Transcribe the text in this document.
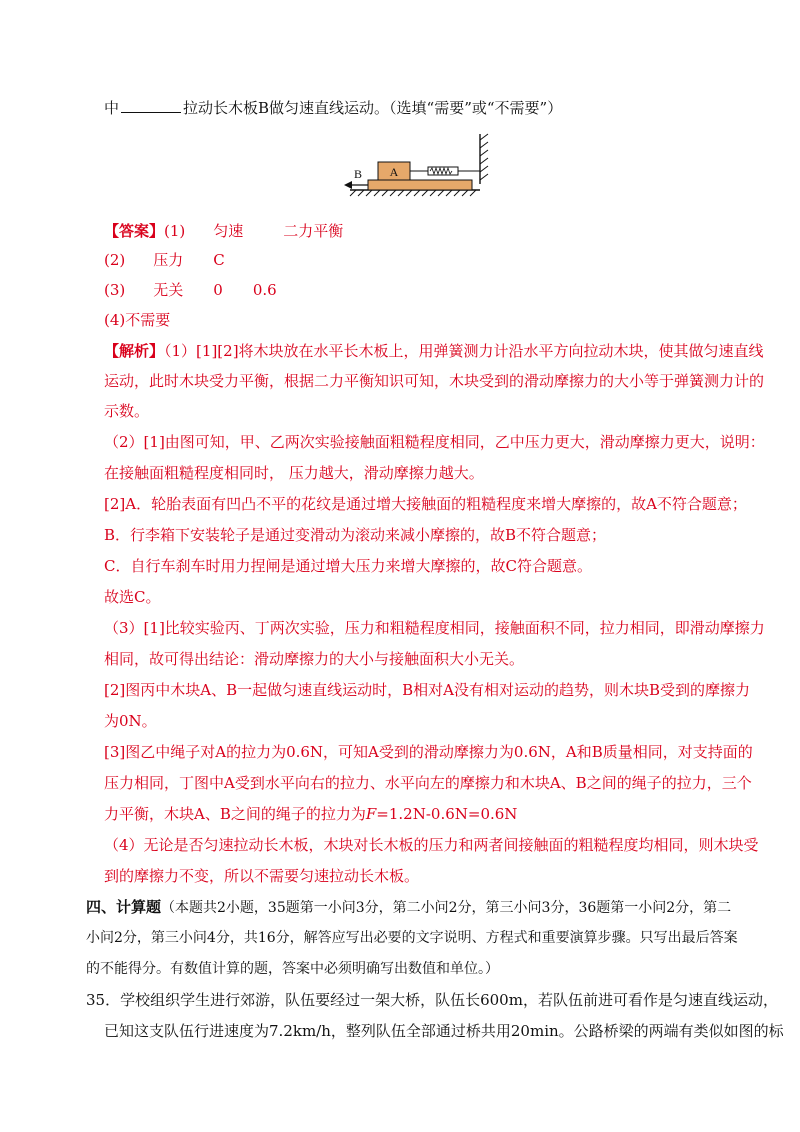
中	拉动长木板B做匀速直线运动。（选填“需要”或“不需要”）
A
B
【答案】(1) 匀速	二力平衡
(2) 压力 C
(3) 无关 0 0.6
(4)不需要
【解析】（1）[1][2]将木块放在水平长木板上，用弹簧测力计沿水平方向拉动木块，使其做匀速直线
运动，此时木块受力平衡，根据二力平衡知识可知，木块受到的滑动摩擦力的大小等于弹簧测力计的
示数。
（2）[1]由图可知，甲、乙两次实验接触面粗糙程度相同，乙中压力更大，滑动摩擦力更大，说明：
在接触面粗糙程度相同时， 压力越大，滑动摩擦力越大。
[2]A．轮胎表面有凹凸不平的花纹是通过增大接触面的粗糙程度来增大摩擦的，故A不符合题意；
B．行李箱下安装轮子是通过变滑动为滚动来减小摩擦的，故B不符合题意；
C．自行车刹车时用力捏闸是通过增大压力来增大摩擦的，故C符合题意。
故选C。
（3）[1]比较实验丙、丁两次实验，压力和粗糙程度相同，接触面积不同，拉力相同，即滑动摩擦力
相同，故可得出结论：滑动摩擦力的大小与接触面积大小无关。
[2]图丙中木块A、B一起做匀速直线运动时，B相对A没有相对运动的趋势，则木块B受到的摩擦力
为0N。
[3]图乙中绳子对A的拉力为0.6N，可知A受到的滑动摩擦力为0.6N，A和B质量相同，对支持面的
压力相同，丁图中A受到水平向右的拉力、水平向左的摩擦力和木块A、B之间的绳子的拉力，三个
力平衡，木块A、B之间的绳子的拉力为F=1.2N-0.6N=0.6N
（4）无论是否匀速拉动长木板，木块对长木板的压力和两者间接触面的粗糙程度均相同，则木块受
到的摩擦力不变，所以不需要匀速拉动长木板。
四、计算题（本题共2小题，35题第一小问3分，第二小问2分，第三小问3分，36题第一小问2分，第二
小问2分，第三小问4分，共16分，解答应写出必要的文字说明、方程式和重要演算步骤。只写出最后答案
的不能得分。有数值计算的题，答案中必须明确写出数值和单位。）
35．学校组织学生进行郊游，队伍要经过一架大桥，队伍长600m，若队伍前进可看作是匀速直线运动，
已知这支队伍行进速度为7.2km/h，整列队伍全部通过桥共用20min。公路桥梁的两端有类似如图的标
